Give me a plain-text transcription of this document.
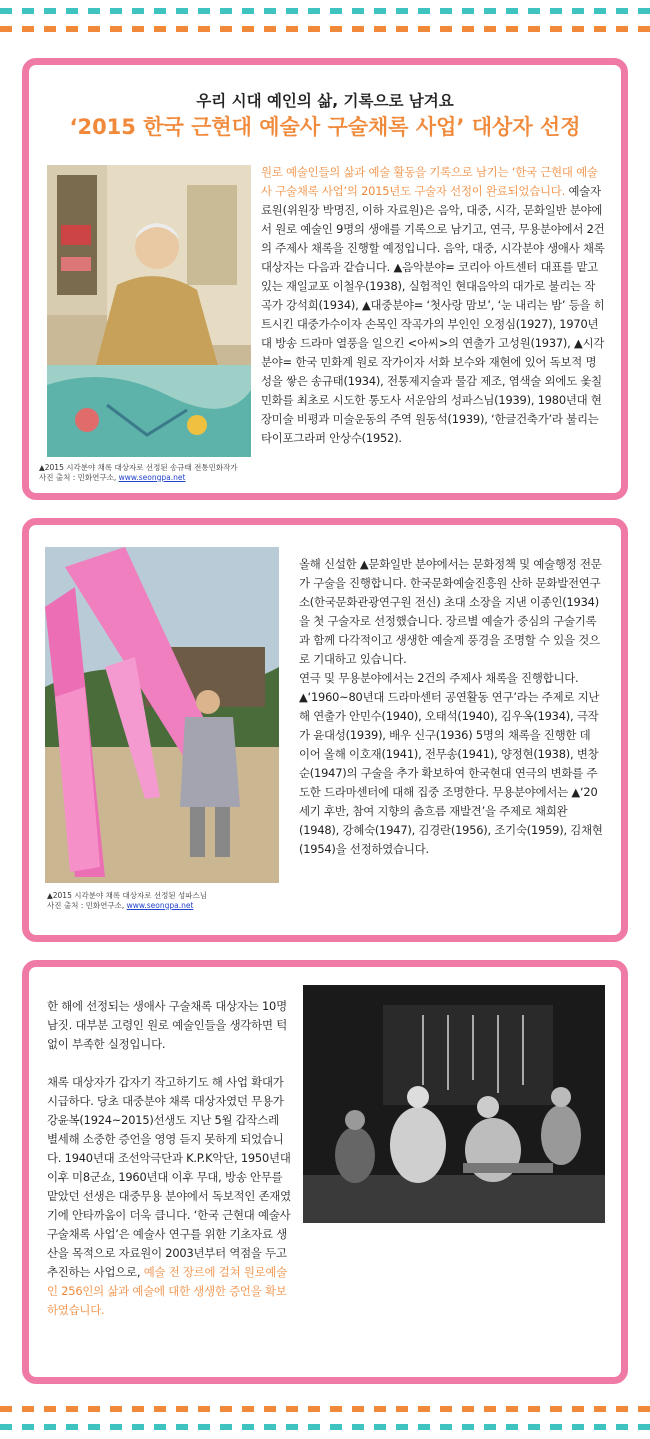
우리 시대 예인의 삶, 기록으로 남겨요
‘2015 한국 근현대 예술사 구술채록 사업’ 대상자 선정
▲2015 시각분야 채록 대상자로 선정된 송규태 전통민화작가
사진 출처 : 민화연구소, www.seongpa.net

원로 예술인들의 삶과 예술 활동을 기록으로 남기는 ‘한국 근현대 예술사 구술채록 사업’의 2015년도 구술자 선정이 완료되었습니다. 예술자료원(위원장 박명진, 이하 자료원)은 음악, 대중, 시각, 문화일반 분야에서 원로 예술인 9명의 생애를 기록으로 남기고, 연극, 무용분야에서 2건의 주제사 채록을 진행할 예정입니다. 음악, 대중, 시각분야 생애사 채록 대상자는 다음과 같습니다. ▲음악분야= 코리아 아트센터 대표를 맡고 있는 재일교포 이철우(1938), 실험적인 현대음악의 대가로 불리는 작곡가 강석희(1934), ▲대중분야= ‘첫사랑 맘보’, ‘눈 내리는 밤’ 등을 히트시킨 대중가수이자 손목인 작곡가의 부인인 오정심(1927), 1970년대 방송 드라마 열풍을 일으킨 <아씨>의 연출가 고성원(1937), ▲시각분야= 한국 민화계 원로 작가이자 서화 보수와 재현에 있어 독보적 명성을 쌓은 송규태(1934), 전통제지술과 물감 제조, 염색술 외에도 옻칠민화를 최초로 시도한 통도사 서운암의 성파스님(1939), 1980년대 현장미술 비평과 미술운동의 주역 원동석(1939), ‘한글건축가’라 불리는 타이포그라퍼 안상수(1952).

▲2015 시각분야 채록 대상자로 선정된 성파스님
사진 출처 : 민화연구소, www.seongpa.net

올해 신설한 ▲문화일반 분야에서는 문화정책 및 예술행정 전문가 구술을 진행합니다. 한국문화예술진흥원 산하 문화발전연구소(한국문화관광연구원 전신) 초대 소장을 지낸 이종인(1934)을 첫 구술자로 선정했습니다. 장르별 예술가 중심의 구술기록과 함께 다각적이고 생생한 예술계 풍경을 조명할 수 있을 것으로 기대하고 있습니다.

연극 및 무용분야에서는 2건의 주제사 채록을 진행합니다. ▲‘1960~80년대 드라마센터 공연활동 연구’라는 주제로 지난해 연출가 안민수(1940), 오태석(1940), 김우옥(1934), 극작가 윤대성(1939), 배우 신구(1936) 5명의 채록을 진행한 데 이어 올해 이호재(1941), 전무송(1941), 양정현(1938), 변창순(1947)의 구술을 추가 확보하여 한국현대 연극의 변화를 주도한 드라마센터에 대해 집중 조명한다. 무용분야에서는 ▲‘20세기 후반, 참여 지향의 춤흐름 재발견’을 주제로 채희완(1948), 강혜숙(1947), 김경란(1956), 조기숙(1959), 김채현(1954)을 선정하였습니다.

한 해에 선정되는 생애사 구술채록 대상자는 10명 남짓. 대부분 고령인 원로 예술인들을 생각하면 턱없이 부족한 실정입니다.

채록 대상자가 갑자기 작고하기도 해 사업 확대가 시급하다. 당초 대중분야 채록 대상자였던 무용가 강윤복(1924~2015)선생도 지난 5월 갑작스레 별세해 소중한 증언을 영영 듣지 못하게 되었습니다. 1940년대 조선악극단과 K.P.K악단, 1950년대 이후 미8군쇼, 1960년대 이후 무대, 방송 안무를 맡았던 선생은 대중무용 분야에서 독보적인 존재였기에 안타까움이 더욱 큽니다. ‘한국 근현대 예술사 구술채록 사업’은 예술사 연구를 위한 기초자료 생산을 목적으로 자료원이 2003년부터 역점을 두고 추진하는 사업으로, 예술 전 장르에 걸쳐 원로예술인 256인의 삶과 예술에 대한 생생한 증언을 확보하였습니다.
